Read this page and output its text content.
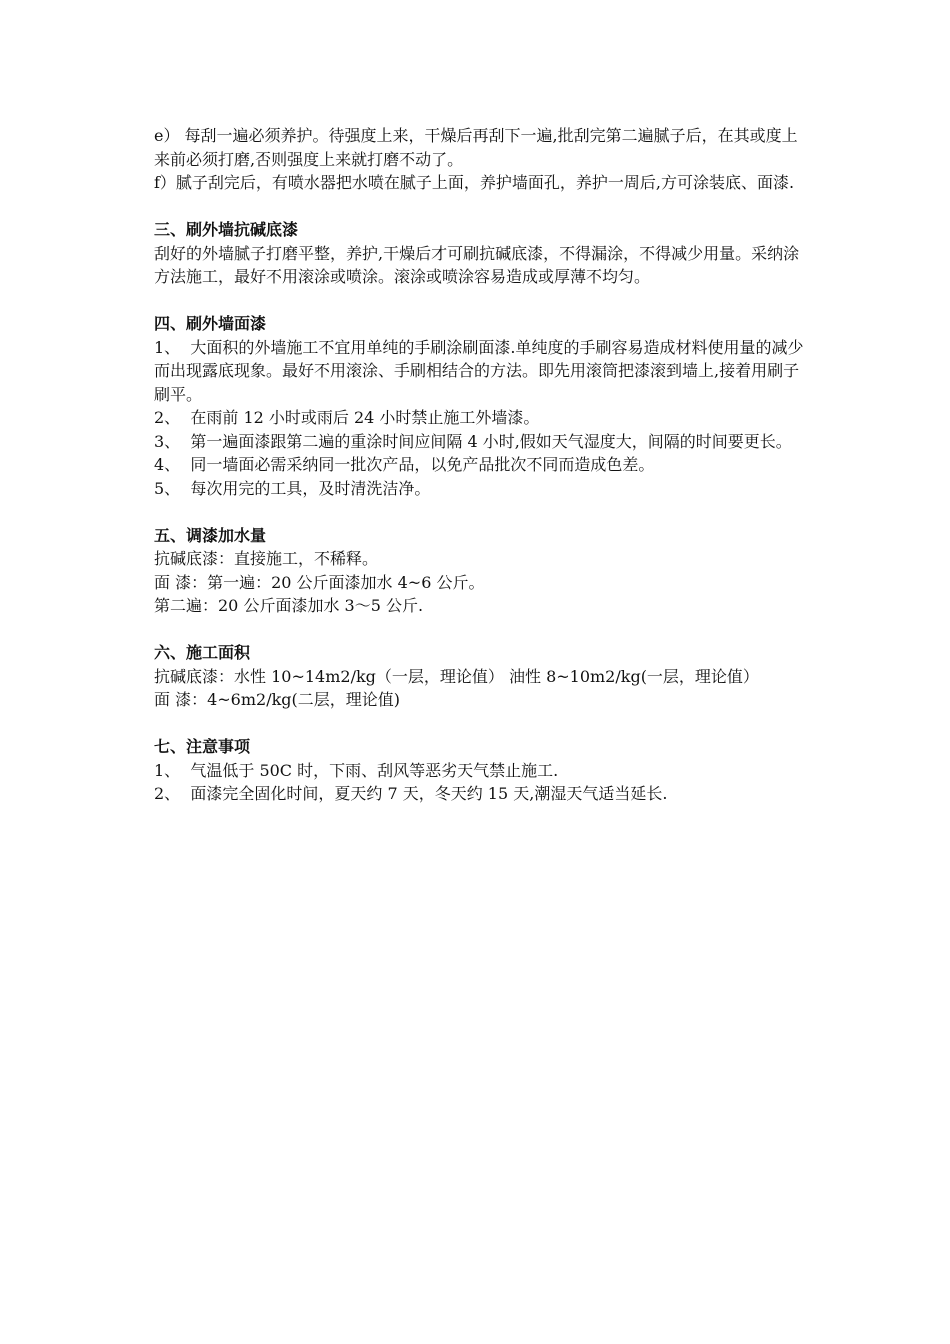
e） 每刮一遍必须养护。待强度上来，干燥后再刮下一遍,批刮完第二遍腻子后，在其或度上来前必须打磨,否则强度上来就打磨不动了。

f）腻子刮完后，有喷水器把水喷在腻子上面，养护墙面孔，养护一周后,方可涂装底、面漆.

三、刷外墙抗碱底漆

刮好的外墙腻子打磨平整，养护,干燥后才可刷抗碱底漆，不得漏涂，不得减少用量。采纳涂方法施工，最好不用滚涂或喷涂。滚涂或喷涂容易造成或厚薄不均匀。

四、刷外墙面漆

1、  大面积的外墙施工不宜用单纯的手刷涂刷面漆.单纯度的手刷容易造成材料使用量的减少而出现露底现象。最好不用滚涂、手刷相结合的方法。即先用滚筒把漆滚到墙上,接着用刷子刷平。

2、  在雨前 12 小时或雨后 24 小时禁止施工外墙漆。

3、  第一遍面漆跟第二遍的重涂时间应间隔 4 小时,假如天气湿度大，间隔的时间要更长。

4、  同一墙面必需采纳同一批次产品，以免产品批次不同而造成色差。

5、  每次用完的工具，及时清洗洁净。

五、调漆加水量

抗碱底漆：直接施工，不稀释。

面 漆：第一遍：20 公斤面漆加水 4~6 公斤。

第二遍：20 公斤面漆加水 3～5 公斤.

六、施工面积

抗碱底漆：水性 10~14m2/kg（一层，理论值） 油性 8~10m2/kg(一层，理论值）

面 漆：4~6m2/kg(二层，理论值)

七、注意事项

1、  气温低于 50C 时，下雨、刮风等恶劣天气禁止施工.

2、  面漆完全固化时间，夏天约 7 天，冬天约 15 天,潮湿天气适当延长.
